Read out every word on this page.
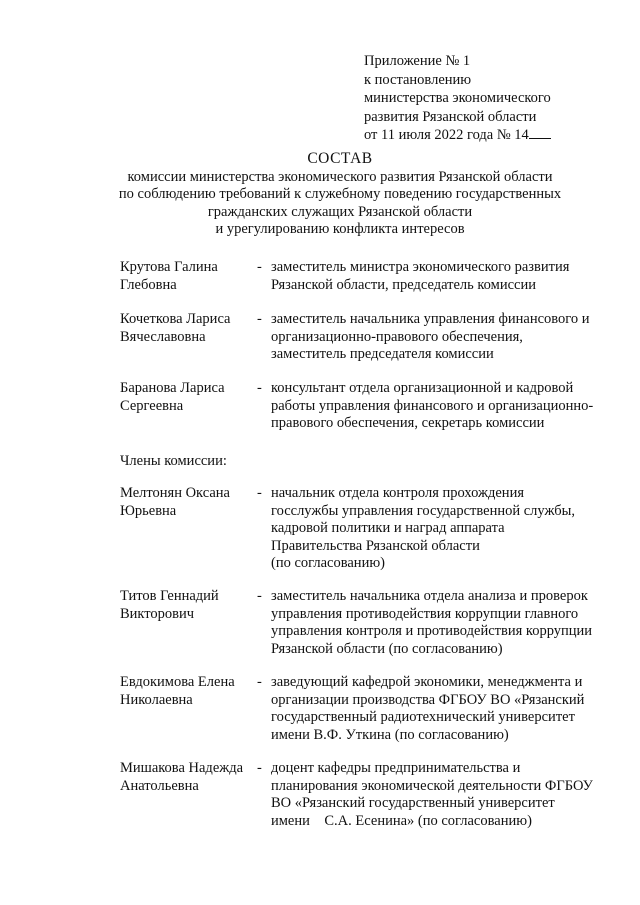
Приложение № 1
к постановлению
министерства экономического
развития Рязанской области
от 11 июля 2022 года № 14
СОСТАВ
комиссии министерства экономического развития Рязанской области
по соблюдению требований к служебному поведению государственных
гражданских служащих Рязанской области
и урегулированию конфликта интересов
Крутова Галина
Глебовна
- заместитель министра экономического развития
Рязанской области, председатель комиссии
Кочеткова Лариса
Вячеславовна
- заместитель начальника управления финансового и
организационно-правового обеспечения,
заместитель председателя комиссии
Баранова Лариса
Сергеевна
- консультант отдела организационной и кадровой
работы управления финансового и организационно-
правового обеспечения, секретарь комиссии
Члены комиссии:
Мелтонян Оксана
Юрьевна
- начальник отдела контроля прохождения
госслужбы управления государственной службы,
кадровой политики и наград аппарата
Правительства Рязанской области
(по согласованию)
Титов Геннадий
Викторович
- заместитель начальника отдела анализа и проверок
управления противодействия коррупции главного
управления контроля и противодействия коррупции
Рязанской области (по согласованию)
Евдокимова Елена
Николаевна
- заведующий кафедрой экономики, менеджмента и
организации производства ФГБОУ ВО «Рязанский
государственный радиотехнический университет
имени В.Ф. Уткина (по согласованию)
Мишакова Надежда
Анатольевна
- доцент кафедры предпринимательства и
планирования экономической деятельности ФГБОУ
ВО «Рязанский государственный университет
имени    С.А. Есенина» (по согласованию)
